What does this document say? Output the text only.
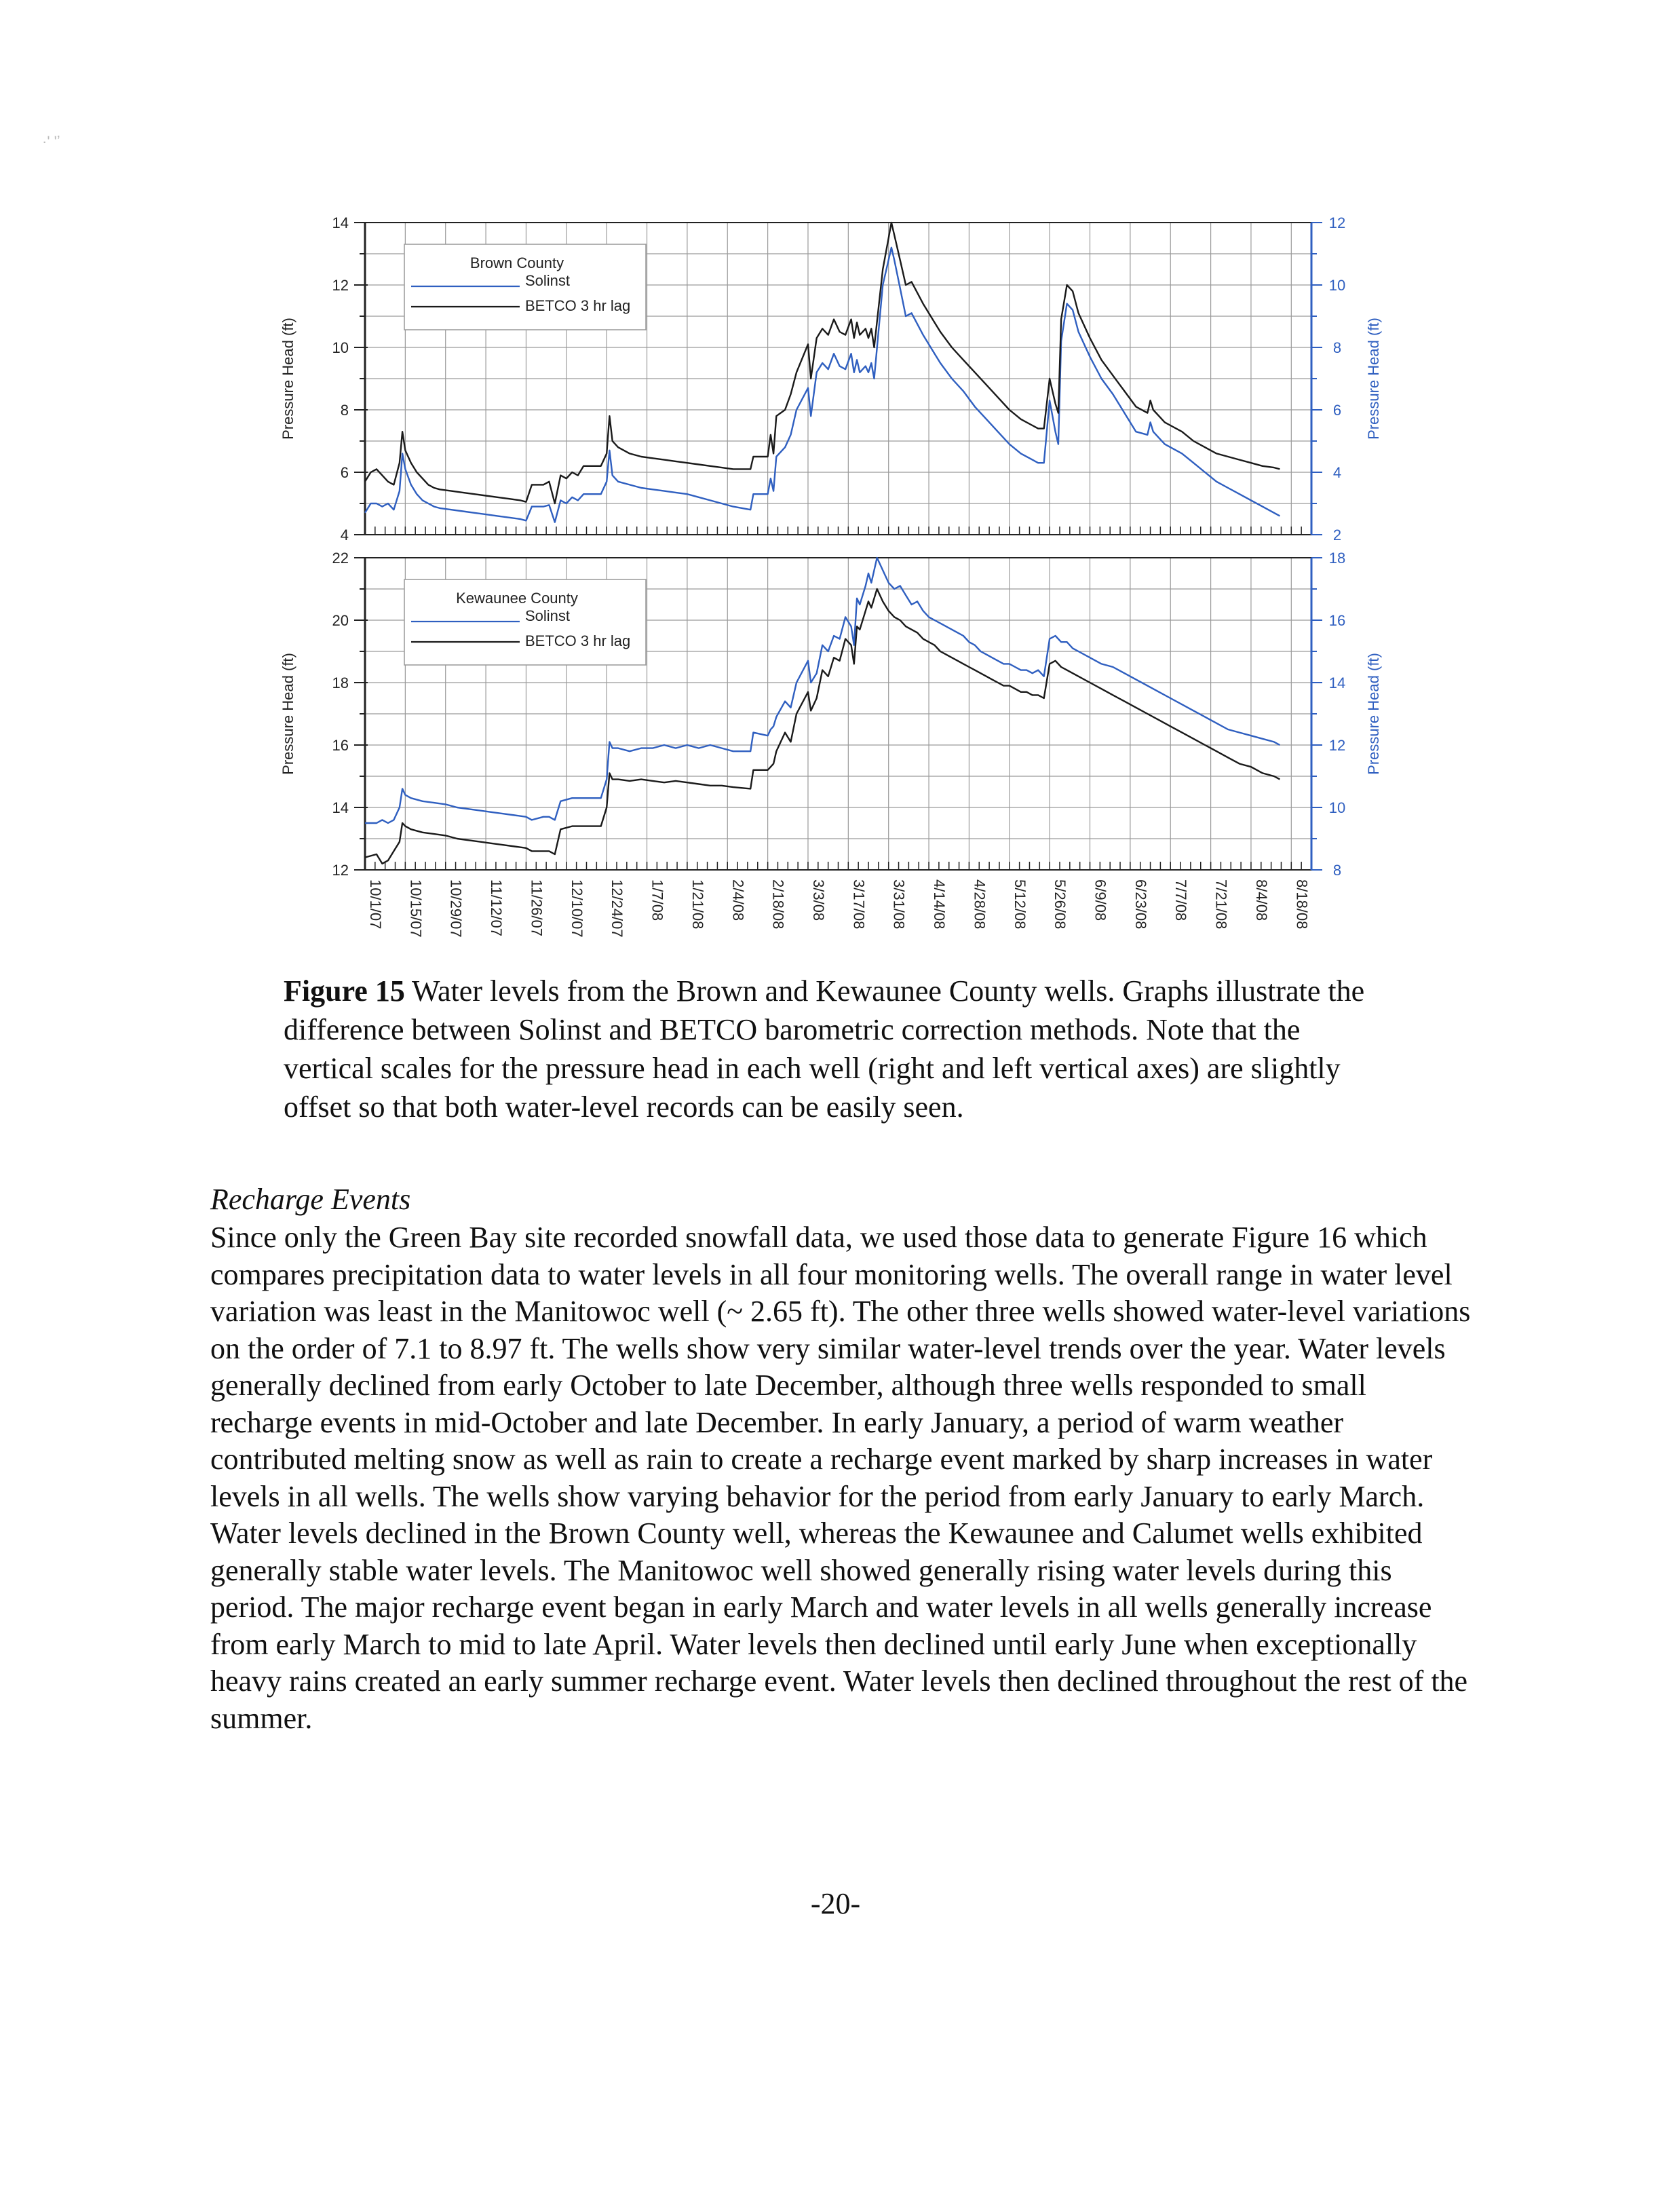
·' 'ʼ
4
6
8
10
12
14
2
4
6
8
10
12
Pressure Head (ft)	Pressure Head (ft)
Brown County
Solinst
BETCO 3 hr lag
12
14
16
18
20
22
8
10
12
14
16
18
Pressure Head (ft)	Pressure Head (ft)
Kewaunee County
Solinst
BETCO 3 hr lag
10/1/07 10/15/07 10/29/07 11/12/07 11/26/07 12/10/07 12/24/07 1/7/08 1/21/08 2/4/08 2/18/08 3/3/08 3/17/08 3/31/08 4/14/08 4/28/08 5/12/08 5/26/08 6/9/08 6/23/08 7/7/08 7/21/08 8/4/08 8/18/08

Figure 15 Water levels from the Brown and Kewaunee County wells. Graphs illustrate the difference between Solinst and BETCO barometric correction methods. Note that the vertical scales for the pressure head in each well (right and left vertical axes) are slightly offset so that both water-level records can be easily seen.

Recharge Events

Since only the Green Bay site recorded snowfall data, we used those data to generate Figure 16 which compares precipitation data to water levels in all four monitoring wells. The overall range in water level variation was least in the Manitowoc well (~ 2.65 ft). The other three wells showed water-level variations on the order of 7.1 to 8.97 ft. The wells show very similar water-level trends over the year. Water levels generally declined from early October to late December, although three wells responded to small recharge events in mid-October and late December. In early January, a period of warm weather contributed melting snow as well as rain to create a recharge event marked by sharp increases in water levels in all wells. The wells show varying behavior for the period from early January to early March. Water levels declined in the Brown County well, whereas the Kewaunee and Calumet wells exhibited generally stable water levels. The Manitowoc well showed generally rising water levels during this period. The major recharge event began in early March and water levels in all wells generally increase from early March to mid to late April. Water levels then declined until early June when exceptionally heavy rains created an early summer recharge event. Water levels then declined throughout the rest of the summer.

-20-
